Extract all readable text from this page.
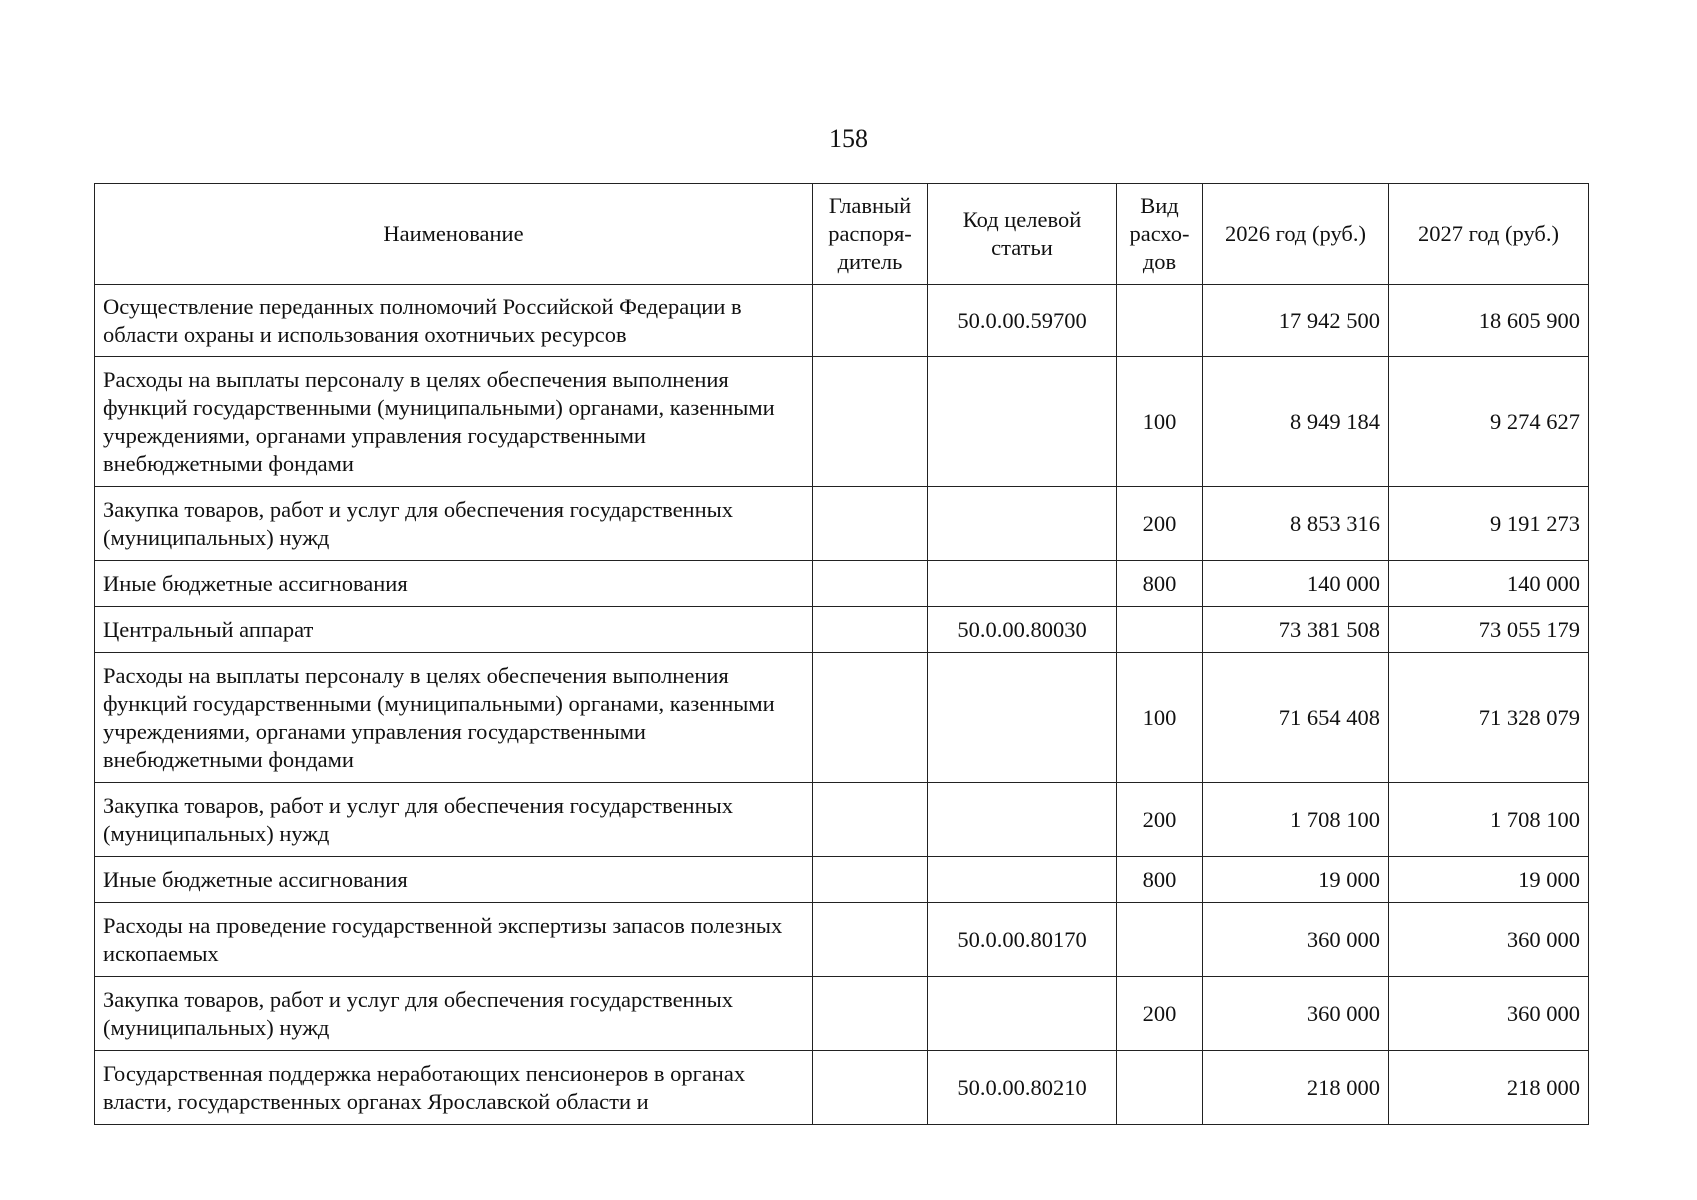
158
Наименование	Главный распоря-дитель	Код целевой статьи	Вид расхо-дов	2026 год (руб.)	2027 год (руб.)
Осуществление переданных полномочий Российской Федерации в области охраны и использования охотничьих ресурсов		50.0.00.59700		17 942 500	18 605 900
Расходы на выплаты персоналу в целях обеспечения выполнения функций государственными (муниципальными) органами, казенными учреждениями, органами управления государственными внебюджетными фондами			100	8 949 184	9 274 627
Закупка товаров, работ и услуг для обеспечения государственных (муниципальных) нужд			200	8 853 316	9 191 273
Иные бюджетные ассигнования			800	140 000	140 000
Центральный аппарат		50.0.00.80030		73 381 508	73 055 179
Расходы на выплаты персоналу в целях обеспечения выполнения функций государственными (муниципальными) органами, казенными учреждениями, органами управления государственными внебюджетными фондами			100	71 654 408	71 328 079
Закупка товаров, работ и услуг для обеспечения государственных (муниципальных) нужд			200	1 708 100	1 708 100
Иные бюджетные ассигнования			800	19 000	19 000
Расходы на проведение государственной экспертизы запасов полезных ископаемых		50.0.00.80170		360 000	360 000
Закупка товаров, работ и услуг для обеспечения государственных (муниципальных) нужд			200	360 000	360 000
Государственная поддержка неработающих пенсионеров в органах власти, государственных органах Ярославской области и		50.0.00.80210		218 000	218 000
